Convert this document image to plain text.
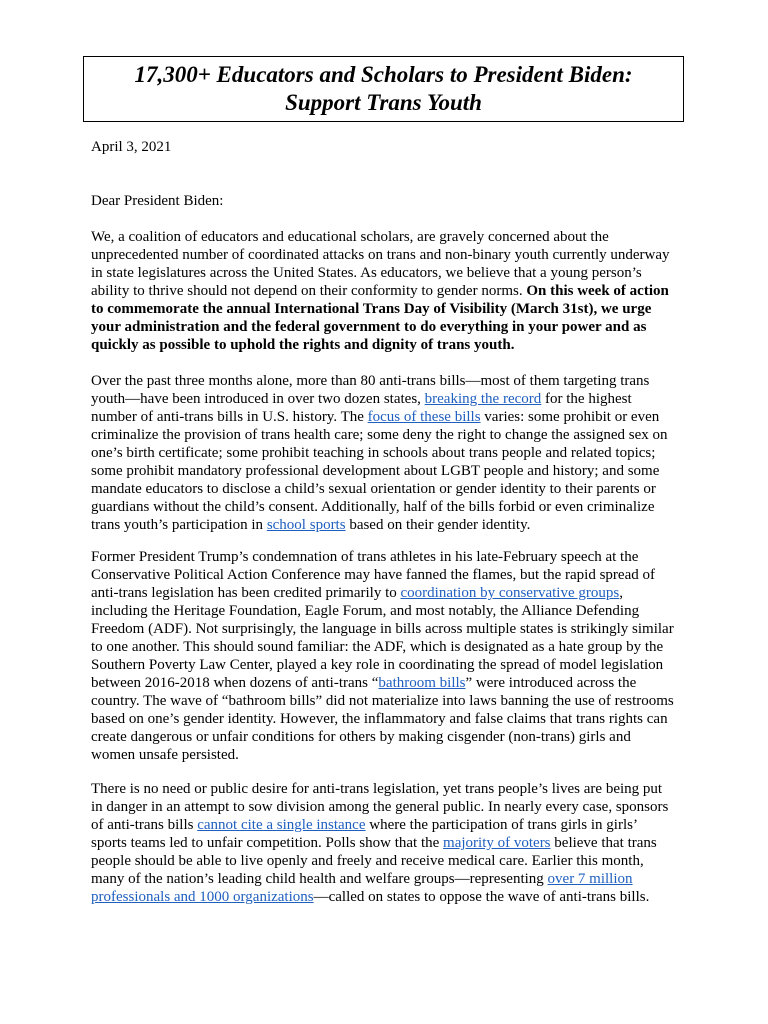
17,300+ Educators and Scholars to President Biden:
Support Trans Youth
April 3, 2021
Dear President Biden:
We, a coalition of educators and educational scholars, are gravely concerned about the
unprecedented number of coordinated attacks on trans and non-binary youth currently underway
in state legislatures across the United States. As educators, we believe that a young person’s
ability to thrive should not depend on their conformity to gender norms. On this week of action
to commemorate the annual International Trans Day of Visibility (March 31st), we urge
your administration and the federal government to do everything in your power and as
quickly as possible to uphold the rights and dignity of trans youth.
Over the past three months alone, more than 80 anti-trans bills—most of them targeting trans
youth—have been introduced in over two dozen states, breaking the record for the highest
number of anti-trans bills in U.S. history. The focus of these bills varies: some prohibit or even
criminalize the provision of trans health care; some deny the right to change the assigned sex on
one’s birth certificate; some prohibit teaching in schools about trans people and related topics;
some prohibit mandatory professional development about LGBT people and history; and some
mandate educators to disclose a child’s sexual orientation or gender identity to their parents or
guardians without the child’s consent. Additionally, half of the bills forbid or even criminalize
trans youth’s participation in school sports based on their gender identity.
Former President Trump’s condemnation of trans athletes in his late-February speech at the
Conservative Political Action Conference may have fanned the flames, but the rapid spread of
anti-trans legislation has been credited primarily to coordination by conservative groups,
including the Heritage Foundation, Eagle Forum, and most notably, the Alliance Defending
Freedom (ADF). Not surprisingly, the language in bills across multiple states is strikingly similar
to one another. This should sound familiar: the ADF, which is designated as a hate group by the
Southern Poverty Law Center, played a key role in coordinating the spread of model legislation
between 2016-2018 when dozens of anti-trans “bathroom bills” were introduced across the
country. The wave of “bathroom bills” did not materialize into laws banning the use of restrooms
based on one’s gender identity. However, the inflammatory and false claims that trans rights can
create dangerous or unfair conditions for others by making cisgender (non-trans) girls and
women unsafe persisted.
There is no need or public desire for anti-trans legislation, yet trans people’s lives are being put
in danger in an attempt to sow division among the general public. In nearly every case, sponsors
of anti-trans bills cannot cite a single instance where the participation of trans girls in girls’
sports teams led to unfair competition. Polls show that the majority of voters believe that trans
people should be able to live openly and freely and receive medical care. Earlier this month,
many of the nation’s leading child health and welfare groups—representing over 7 million
professionals and 1000 organizations—called on states to oppose the wave of anti-trans bills.
